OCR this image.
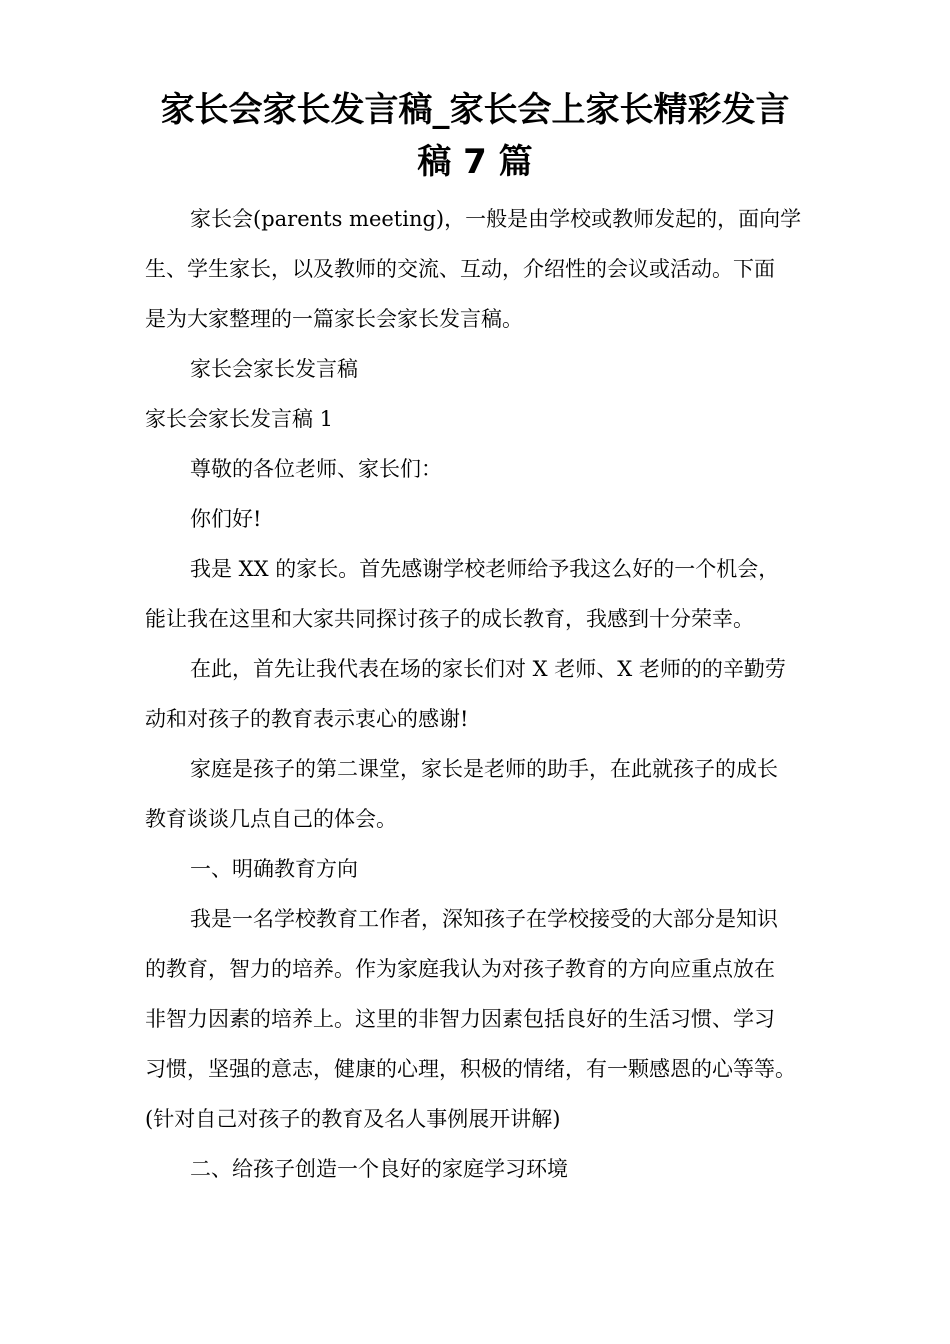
家长会家长发言稿_家长会上家长精彩发言
稿 7 篇

家长会(parents meeting)，一般是由学校或教师发起的，面向学

生、学生家长，以及教师的交流、互动，介绍性的会议或活动。下面

是为大家整理的一篇家长会家长发言稿。

家长会家长发言稿

家长会家长发言稿 1

尊敬的各位老师、家长们：

你们好!

我是 XX 的家长。首先感谢学校老师给予我这么好的一个机会，

能让我在这里和大家共同探讨孩子的成长教育，我感到十分荣幸。

在此，首先让我代表在场的家长们对 X 老师、X 老师的的辛勤劳

动和对孩子的教育表示衷心的感谢!

家庭是孩子的第二课堂，家长是老师的助手，在此就孩子的成长

教育谈谈几点自己的体会。

一、明确教育方向

我是一名学校教育工作者，深知孩子在学校接受的大部分是知识

的教育，智力的培养。作为家庭我认为对孩子教育的方向应重点放在

非智力因素的培养上。这里的非智力因素包括良好的生活习惯、学习

习惯，坚强的意志，健康的心理，积极的情绪，有一颗感恩的心等等。

(针对自己对孩子的教育及名人事例展开讲解)

二、给孩子创造一个良好的家庭学习环境
